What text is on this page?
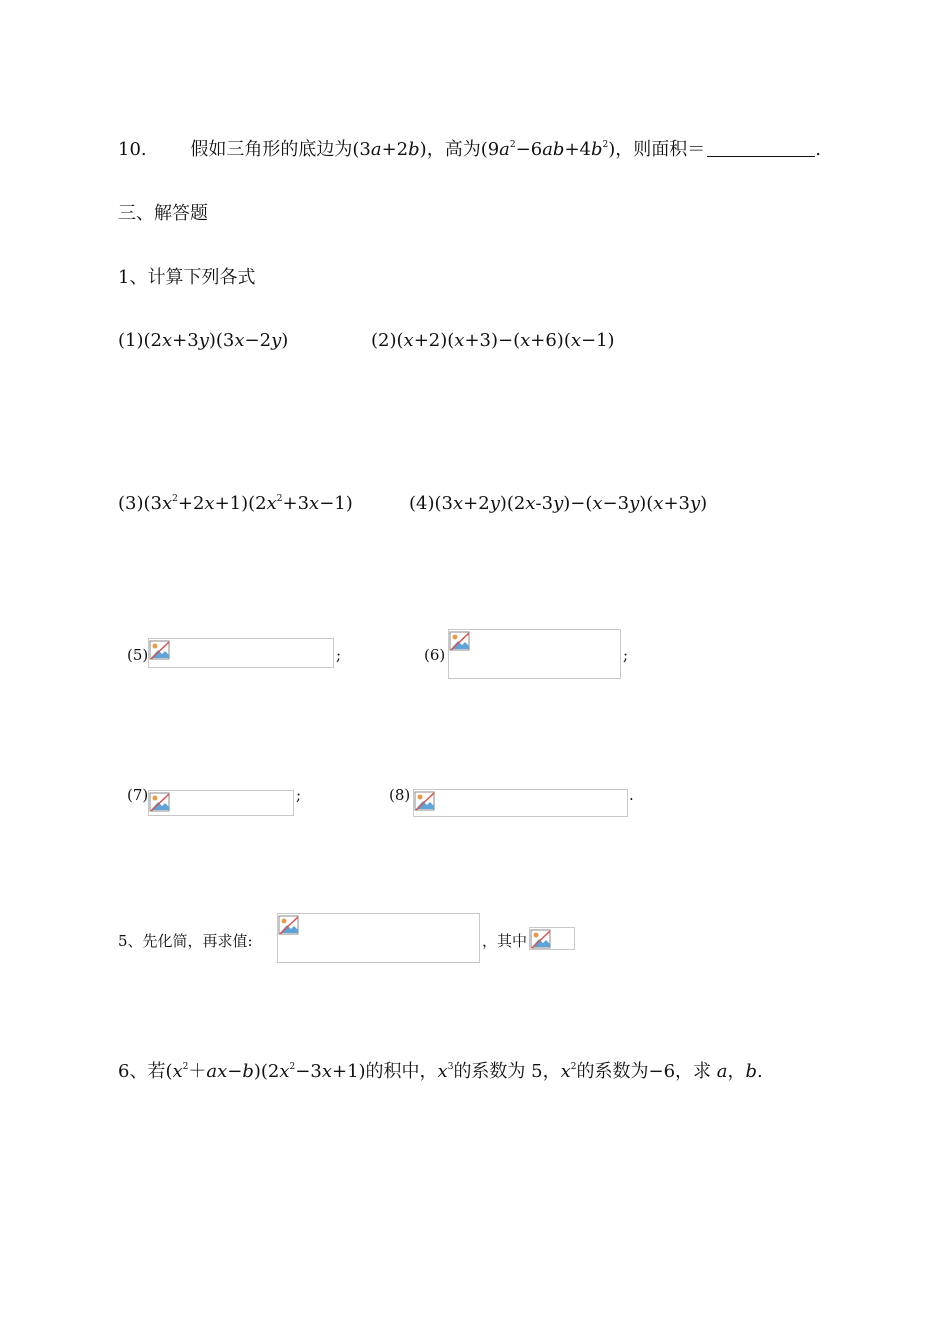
10. 假如三角形的底边为(3a+2b)，高为$(9a^2-6ab+4b^2)$，则面积＝	.
三、解答题
1、计算下列各式
(1)(2x+3y)(3x−2y)	(2)(x+2)(x+3)−(x+6)(x−1)
$(3)(3x^2+2x+1)(2x^2+3x-1)$	(4)(3x+2y)(2x-3y)−(x−3y)(x+3y)
(5)	;	(6)	;
(7)	;	(8)	.
5、先化简，再求值:	，其中
6、若$(x^2+ax-b)(2x^2-3x+1)$的积中，$x^3$的系数为 5，$x^2$的系数为−6，求 a，b.
